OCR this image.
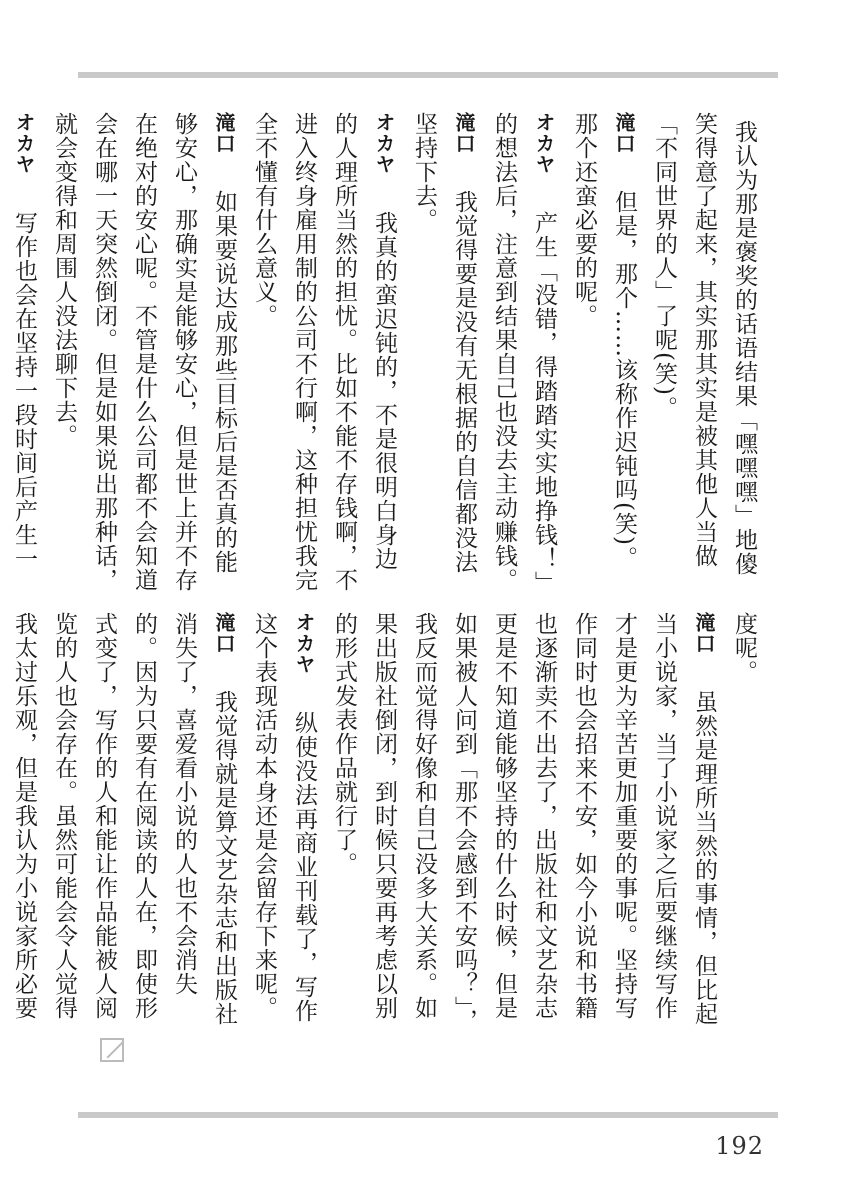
我认为那是褒奖的话语结果「嘿嘿嘿」地傻笑得意了起来，其实那其实是被其他人当做「不同世界的人」了呢(笑)。

滝口但是，那个……该称作迟钝吗(笑)。那个还蛮必要的呢。

オカヤ产生「没错，得踏踏实实地挣钱！」的想法后，注意到结果自己也没去主动赚钱。

滝口我觉得要是没有无根据的自信都没法坚持下去。

オカヤ我真的蛮迟钝的，不是很明白身边的人理所当然的担忧。比如不能不存钱啊，不进入终身雇用制的公司不行啊，这种担忧我完全不懂有什么意义。

滝口如果要说达成那些目标后是否真的能够安心，那确实是能够安心，但是世上并不存在绝对的安心呢。不管是什么公司都不会知道会在哪一天突然倒闭。但是如果说出那种话，就会变得和周围人没法聊下去。

オカヤ写作也会在坚持一段时间后产生一

度呢。

滝口虽然是理所当然的事情，但比起当小说家，当了小说家之后要继续写作才是更为辛苦更加重要的事呢。坚持写作同时也会招来不安，如今小说和书籍也逐渐卖不出去了，出版社和文艺杂志更是不知道能够坚持的什么时候，但是如果被人问到「那不会感到不安吗？」，我反而觉得好像和自己没多大关系。如果出版社倒闭，到时候只要再考虑以别的形式发表作品就行了。

オカヤ纵使没法再商业刊载了，写作这个表现活动本身还是会留存下来呢。

滝口我觉得就是算文艺杂志和出版社消失了，喜爱看小说的人也不会消失的。因为只要有在阅读的人在，即使形式变了，写作的人和能让作品能被人阅览的人也会存在。虽然可能会令人觉得我太过乐观，但是我认为小说家所必要

192
